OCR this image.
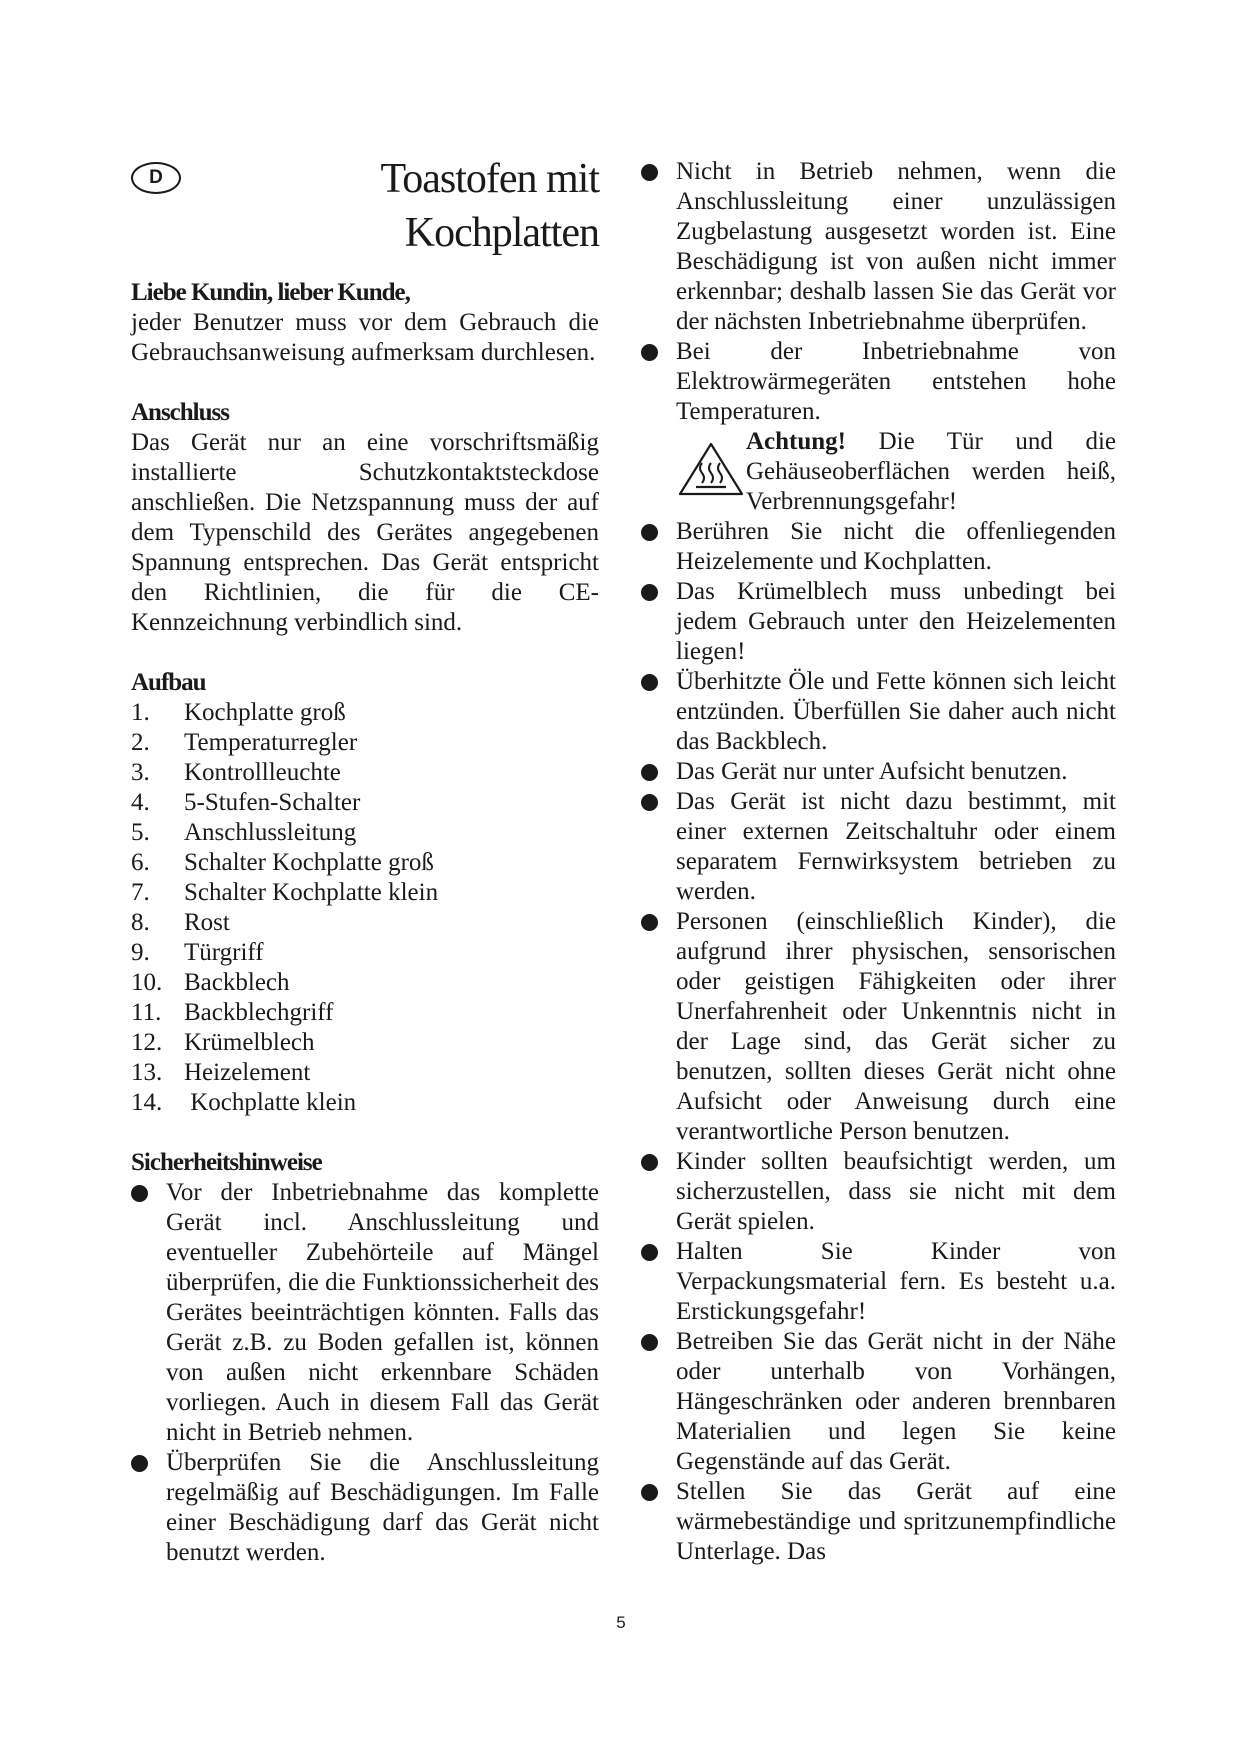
D	Toastofen mit
Kochplatten

Liebe Kundin, lieber Kunde,

jeder Benutzer muss vor dem Gebrauch die Gebrauchsanweisung aufmerksam durchlesen.

Anschluss

Das Gerät nur an eine vorschriftsmäßig installierte Schutzkontaktsteckdose anschließen. Die Netzspannung muss der auf dem Typenschild des Gerätes angegebenen Spannung entsprechen. Das Gerät entspricht den Richtlinien, die für die CE-Kennzeichnung verbindlich sind.

Aufbau

1.	Kochplatte groß
2.	Temperaturregler
3.	Kontrollleuchte
4.	5-Stufen-Schalter
5.	Anschlussleitung
6.	Schalter Kochplatte groß
7.	Schalter Kochplatte klein
8.	Rost
9.	Türgriff
10. Backblech
11. Backblechgriff
12. Krümelblech
13. Heizelement
14. Kochplatte klein

Sicherheitshinweise

Vor der Inbetriebnahme das komplette Gerät incl. Anschlussleitung und eventueller Zubehörteile auf Mängel überprüfen, die die Funktionssicherheit des Gerätes beeinträchtigen könnten. Falls das Gerät z.B. zu Boden gefallen ist, können von außen nicht erkennbare Schäden vorliegen. Auch in diesem Fall das Gerät nicht in Betrieb nehmen.
Überprüfen Sie die Anschlussleitung regelmäßig auf Beschädigungen. Im Falle einer Beschädigung darf das Gerät nicht benutzt werden.
Nicht in Betrieb nehmen, wenn die Anschlussleitung einer unzulässigen Zugbelastung ausgesetzt worden ist. Eine Beschädigung ist von außen nicht immer erkennbar; deshalb lassen Sie das Gerät vor der nächsten Inbetriebnahme überprüfen.
Bei der Inbetriebnahme von Elektrowärmegeräten entstehen hohe Temperaturen.
Achtung! Die Tür und die Gehäuseoberflächen werden heiß, Verbrennungsgefahr!
Berühren Sie nicht die offenliegenden Heizelemente und Kochplatten.
Das Krümelblech muss unbedingt bei jedem Gebrauch unter den Heizelementen liegen!
Überhitzte Öle und Fette können sich leicht entzünden. Überfüllen Sie daher auch nicht das Backblech.
Das Gerät nur unter Aufsicht benutzen.
Das Gerät ist nicht dazu bestimmt, mit einer externen Zeitschaltuhr oder einem separatem Fernwirksystem betrieben zu werden.
Personen (einschließlich Kinder), die aufgrund ihrer physischen, sensorischen oder geistigen Fähigkeiten oder ihrer Unerfahrenheit oder Unkenntnis nicht in der Lage sind, das Gerät sicher zu benutzen, sollten dieses Gerät nicht ohne Aufsicht oder Anweisung durch eine verantwortliche Person benutzen.
Kinder sollten beaufsichtigt werden, um sicherzustellen, dass sie nicht mit dem Gerät spielen.
Halten Sie Kinder von Verpackungsmaterial fern. Es besteht u.a. Erstickungsgefahr!
Betreiben Sie das Gerät nicht in der Nähe oder unterhalb von Vorhängen, Hängeschränken oder anderen brennbaren Materialien und legen Sie keine Gegenstände auf das Gerät.
Stellen Sie das Gerät auf eine wärmebeständige und spritzunempfindliche Unterlage. Das
5
